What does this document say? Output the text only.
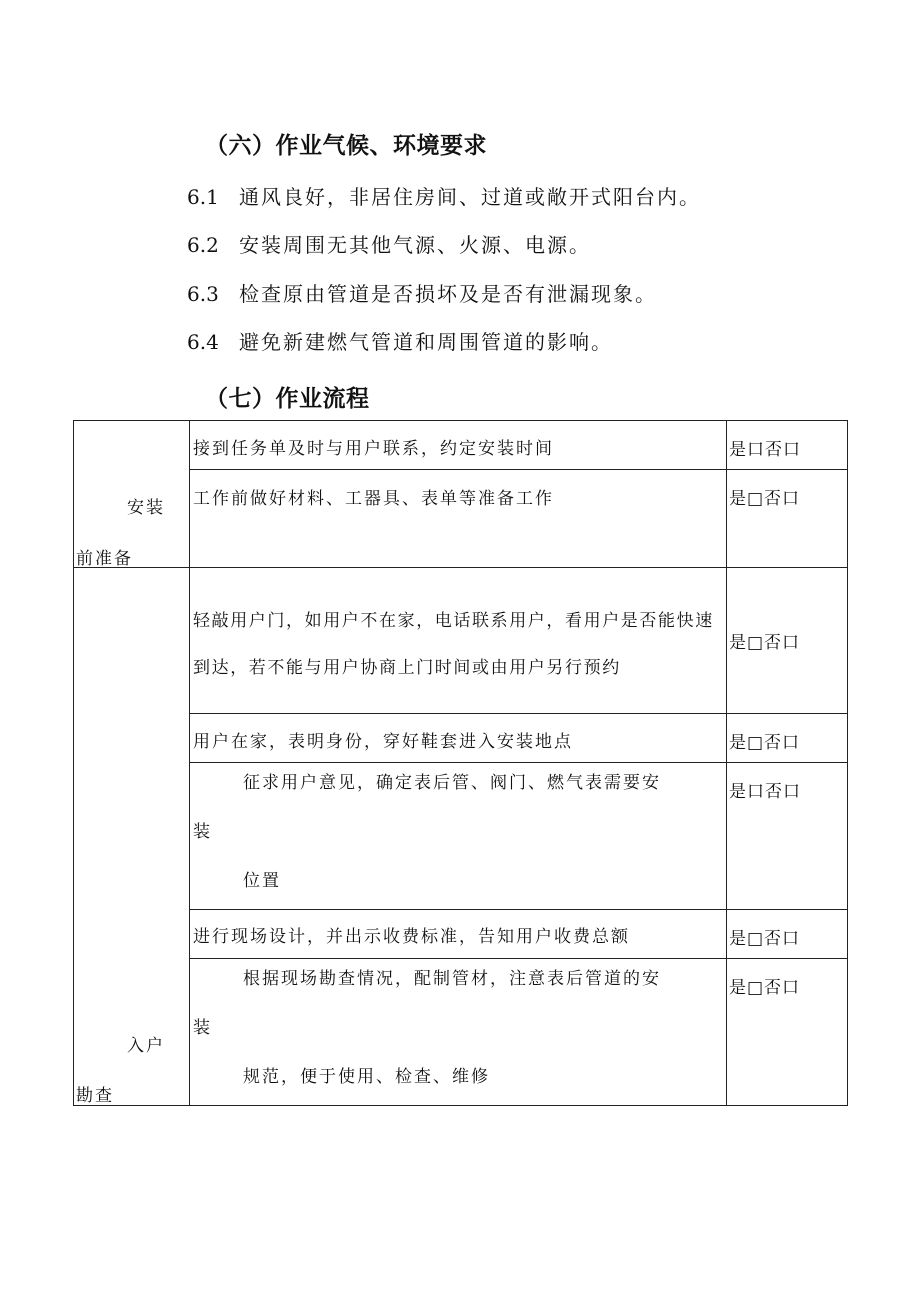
（六）作业气候、环境要求
6.1 通风良好，非居住房间、过道或敞开式阳台内。
6.2 安装周围无其他气源、火源、电源。
6.3 检查原由管道是否损坏及是否有泄漏现象。
6.4 避免新建燃气管道和周围管道的影响。
（七）作业流程
安装
前准备	接到任务单及时与用户联系，约定安装时间	是口否口

	工作前做好材料、工器具、表单等准备工作	是□否口

入户
勘查	轻敲用户门，如用户不在家，电话联系用户，看用户是否能快速到达，若不能与用户协商上门时间或由用户另行预约	是□否口

	用户在家，表明身份，穿好鞋套进入安装地点	是□否口

	征求用户意见，确定表后管、阀门、燃气表需要安
装
位置	是口否口

	进行现场设计，并出示收费标准，告知用户收费总额	是□否口

	根据现场勘查情况，配制管材，注意表后管道的安
装
规范，便于使用、检查、维修	是□否口
